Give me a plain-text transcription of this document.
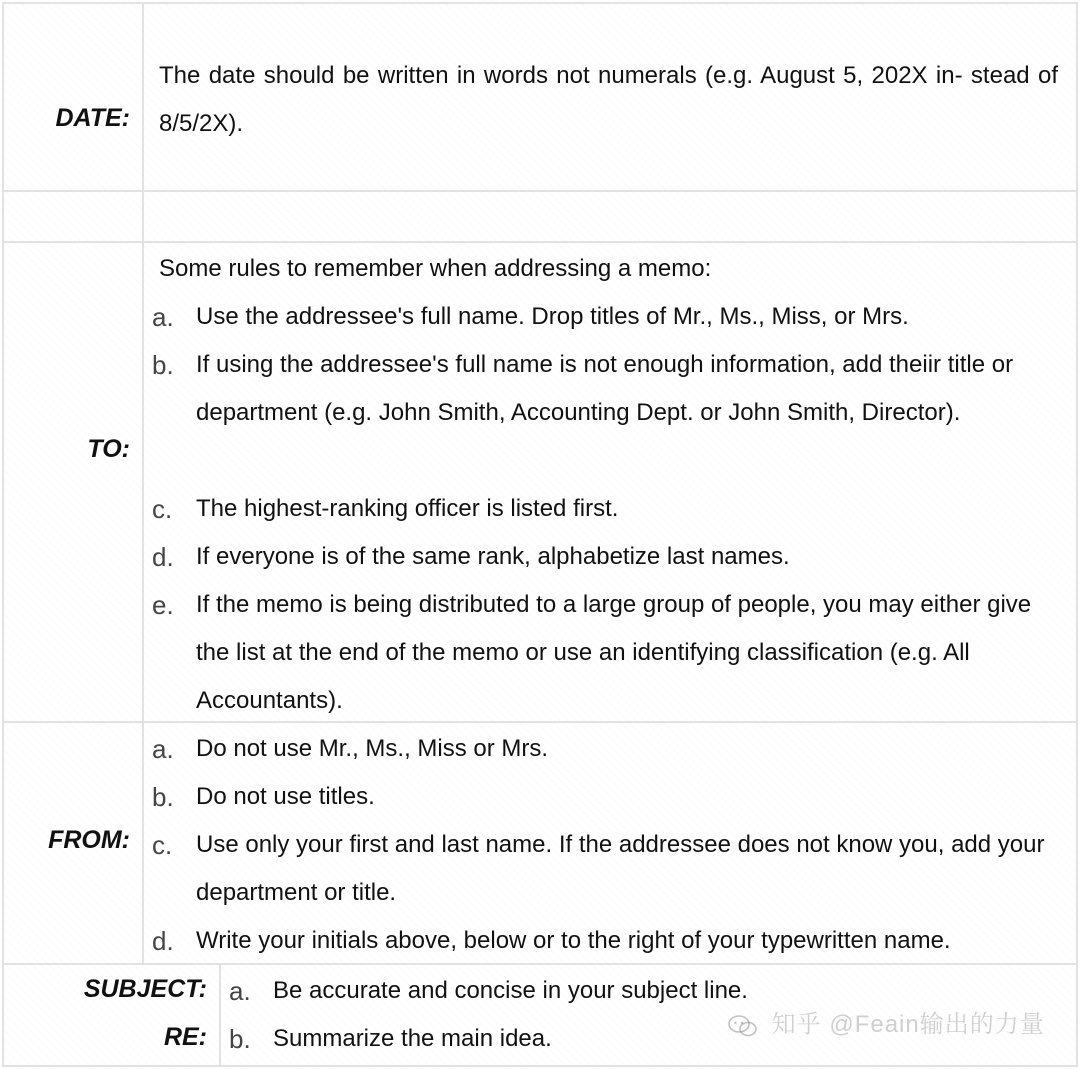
DATE:
The date should be written in words not numerals (e.g. August 5, 202X in- stead of 8/5/2X).
TO:
Some rules to remember when addressing a memo:
a. Use the addressee's full name. Drop titles of Mr., Ms., Miss, or Mrs.
b. If using the addressee's full name is not enough information, add theiir title or department (e.g. John Smith, Accounting Dept. or John Smith, Director).
c. The highest-ranking officer is listed first.
d. If everyone is of the same rank, alphabetize last names.
e. If the memo is being distributed to a large group of people, you may either give the list at the end of the memo or use an identifying classification (e.g. All Accountants).
FROM:
a. Do not use Mr., Ms., Miss or Mrs.
b. Do not use titles.
c. Use only your first and last name. If the addressee does not know you, add your department or title.
d. Write your initials above, below or to the right of your typewritten name.
SUBJECT:
RE:
a. Be accurate and concise in your subject line.
b. Summarize the main idea.
知乎 @Feain输出的力量
